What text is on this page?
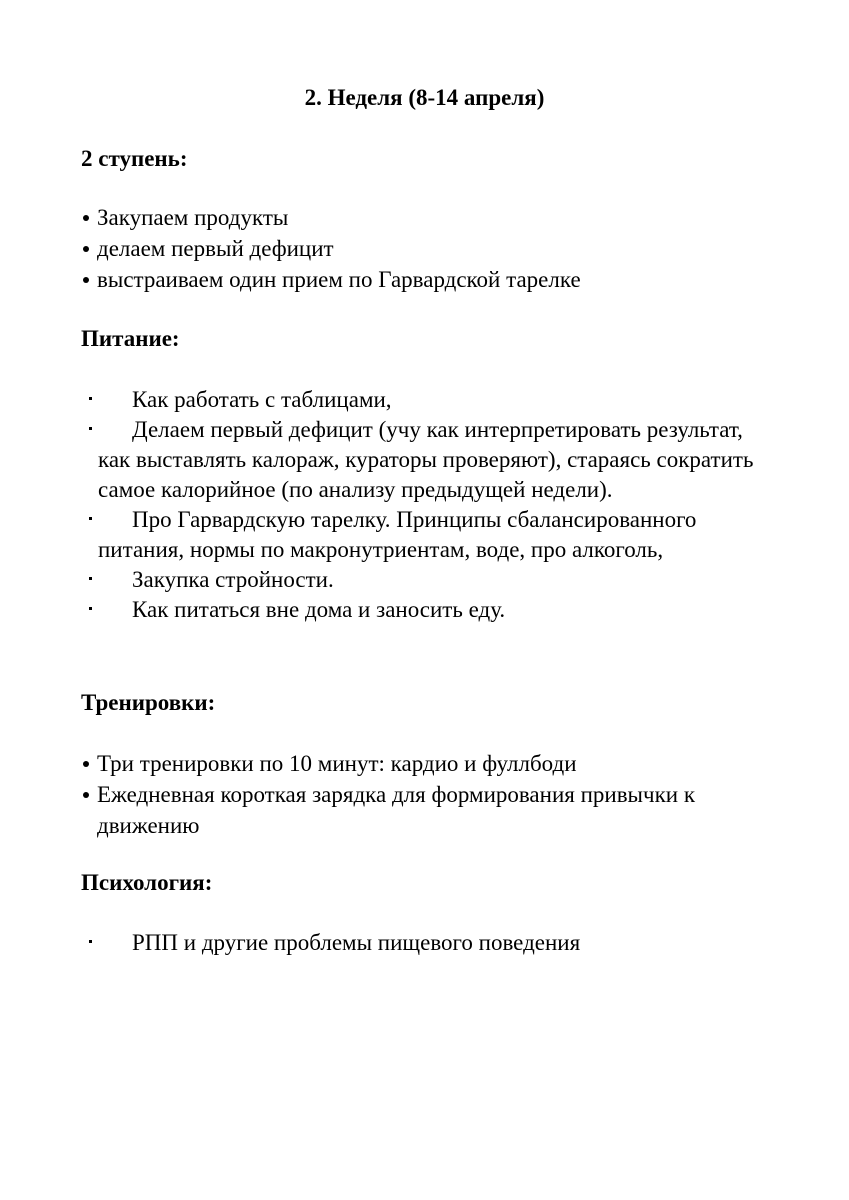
2. Неделя (8-14 апреля)
2 ступень:
Закупаем продукты
делаем первый дефицит
выстраиваем один прием по Гарвардской тарелке
Питание:
Как работать с таблицами,
Делаем первый дефицит (учу как интерпретировать результат, как выставлять калораж, кураторы проверяют), стараясь сократить самое калорийное (по анализу предыдущей недели).
Про Гарвардскую тарелку. Принципы сбалансированного питания, нормы по макронутриентам, воде, про алкоголь,
Закупка стройности.
Как питаться вне дома и заносить еду.
Тренировки:
Три тренировки по 10 минут: кардио и фуллбоди
Ежедневная короткая зарядка для формирования привычки к движению
Психология:
РПП и другие проблемы пищевого поведения
